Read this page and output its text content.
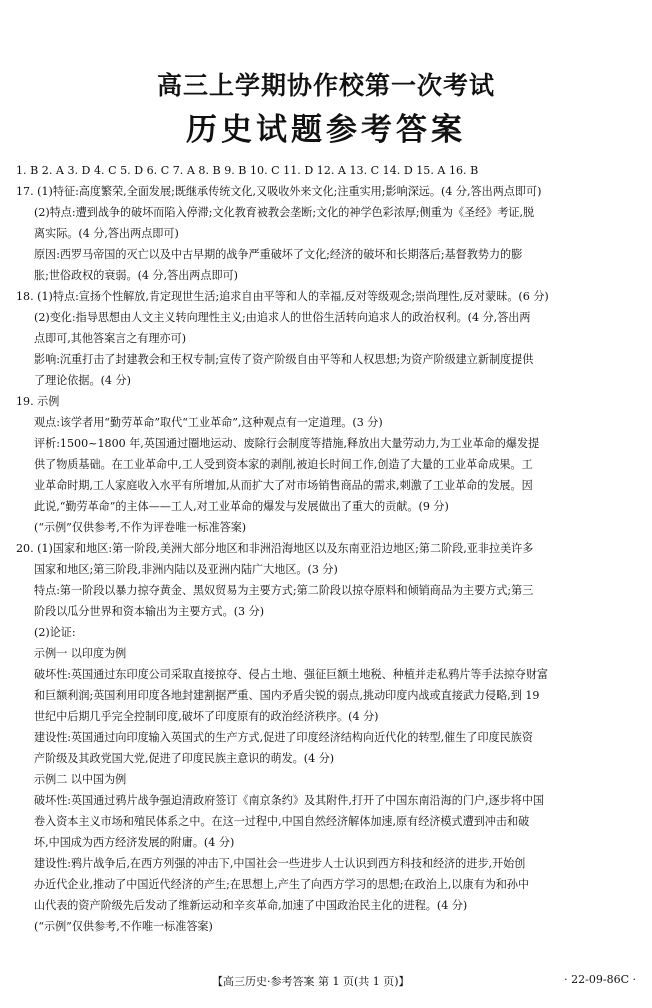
高三上学期协作校第一次考试
历史试题参考答案
1. B 2. A 3. D 4. C 5. D 6. C 7. A 8. B 9. B 10. C 11. D 12. A 13. C 14. D 15. A 16. B
17. (1)特征:高度繁荣,全面发展;既继承传统文化,又吸收外来文化;注重实用;影响深远。(4 分,答出两点即可)
(2)特点:遭到战争的破坏而陷入停滞;文化教育被教会垄断;文化的神学色彩浓厚;侧重为《圣经》考证,脱
离实际。(4 分,答出两点即可)
原因:西罗马帝国的灭亡以及中古早期的战争严重破坏了文化;经济的破坏和长期落后;基督教势力的膨
胀;世俗政权的衰弱。(4 分,答出两点即可)
18. (1)特点:宣扬个性解放,肯定现世生活;追求自由平等和人的幸福,反对等级观念;崇尚理性,反对蒙昧。(6 分)
(2)变化:指导思想由人文主义转向理性主义;由追求人的世俗生活转向追求人的政治权利。(4 分,答出两
点即可,其他答案言之有理亦可)
影响:沉重打击了封建教会和王权专制;宣传了资产阶级自由平等和人权思想;为资产阶级建立新制度提供
了理论依据。(4 分)
19. 示例
观点:该学者用“勤劳革命”取代“工业革命”,这种观点有一定道理。(3 分)
评析:1500~1800 年,英国通过圈地运动、废除行会制度等措施,释放出大量劳动力,为工业革命的爆发提
供了物质基础。在工业革命中,工人受到资本家的剥削,被迫长时间工作,创造了大量的工业革命成果。工
业革命时期,工人家庭收入水平有所增加,从而扩大了对市场销售商品的需求,刺激了工业革命的发展。因
此说,“勤劳革命”的主体——工人,对工业革命的爆发与发展做出了重大的贡献。(9 分)
(“示例”仅供参考,不作为评卷唯一标准答案)
20. (1)国家和地区:第一阶段,美洲大部分地区和非洲沿海地区以及东南亚沿边地区;第二阶段,亚非拉美许多
国家和地区;第三阶段,非洲内陆以及亚洲内陆广大地区。(3 分)
特点:第一阶段以暴力掠夺黄金、黑奴贸易为主要方式;第二阶段以掠夺原料和倾销商品为主要方式;第三
阶段以瓜分世界和资本输出为主要方式。(3 分)
(2)论证:
示例一 以印度为例
破坏性:英国通过东印度公司采取直接掠夺、侵占土地、强征巨额土地税、种植并走私鸦片等手法掠夺财富
和巨额利润;英国利用印度各地封建割据严重、国内矛盾尖锐的弱点,挑动印度内战或直接武力侵略,到 19
世纪中后期几乎完全控制印度,破坏了印度原有的政治经济秩序。(4 分)
建设性:英国通过向印度输入英国式的生产方式,促进了印度经济结构向近代化的转型,催生了印度民族资
产阶级及其政党国大党,促进了印度民族主意识的萌发。(4 分)
示例二 以中国为例
破坏性:英国通过鸦片战争强迫清政府签订《南京条约》及其附件,打开了中国东南沿海的门户,逐步将中国
卷入资本主义市场和殖民体系之中。在这一过程中,中国自然经济解体加速,原有经济模式遭到冲击和破
坏,中国成为西方经济发展的附庸。(4 分)
建设性:鸦片战争后,在西方列强的冲击下,中国社会一些进步人士认识到西方科技和经济的进步,开始创
办近代企业,推动了中国近代经济的产生;在思想上,产生了向西方学习的思想;在政治上,以康有为和孙中
山代表的资产阶级先后发动了维新运动和辛亥革命,加速了中国政治民主化的进程。(4 分)
(“示例”仅供参考,不作唯一标准答案)
【高三历史·参考答案 第 1 页(共 1 页)】	· 22-09-86C ·
